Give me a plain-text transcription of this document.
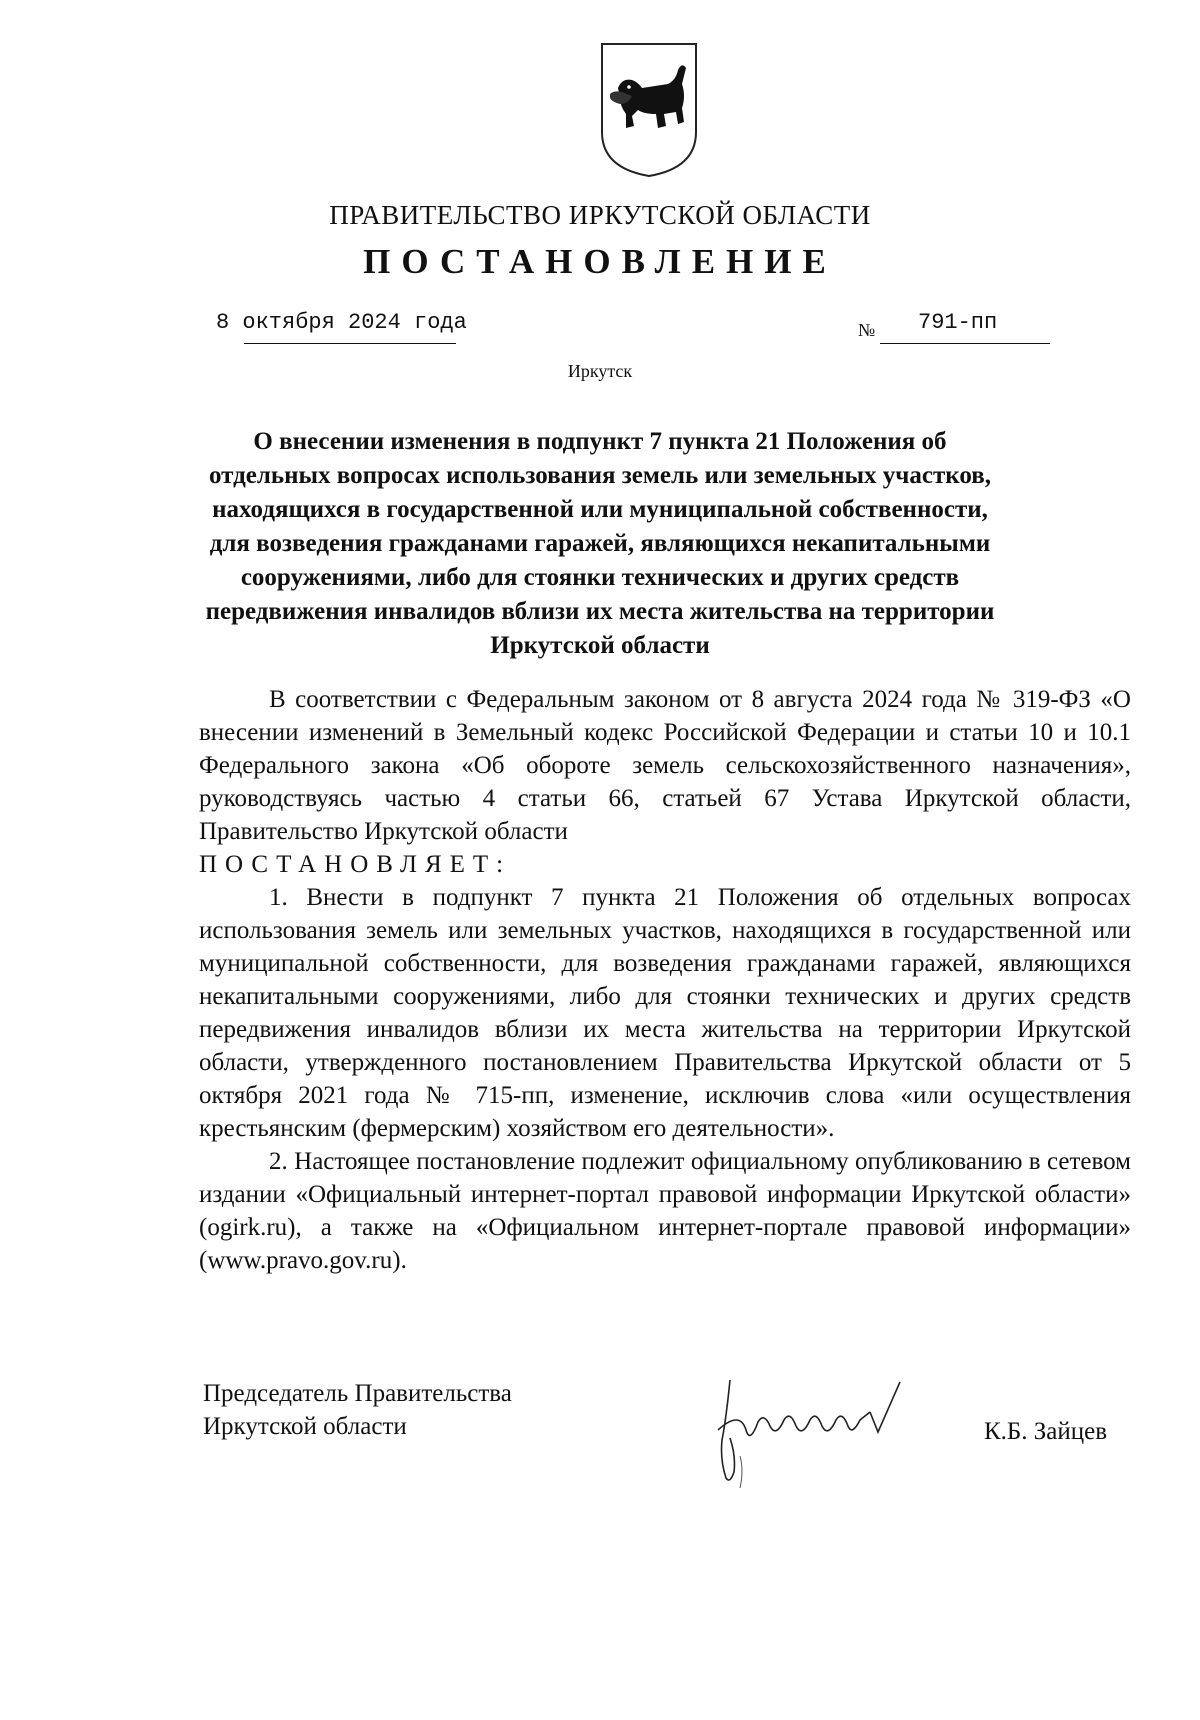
ПРАВИТЕЛЬСТВО ИРКУТСКОЙ ОБЛАСТИ
ПОСТАНОВЛЕНИЕ
8 октября 2024 года	№ 791-пп
Иркутск

О внесении изменения в подпункт 7 пункта 21 Положения об отдельных вопросах использования земель или земельных участков, находящихся в государственной или муниципальной собственности, для возведения гражданами гаражей, являющихся некапитальными сооружениями, либо для стоянки технических и других средств передвижения инвалидов вблизи их места жительства на территории Иркутской области

В соответствии с Федеральным законом от 8 августа 2024 года № 319-ФЗ «О внесении изменений в Земельный кодекс Российской Федерации и статьи 10 и 10.1 Федерального закона «Об обороте земель сельскохозяйственного назначения», руководствуясь частью 4 статьи 66, статьей 67 Устава Иркутской области, Правительство Иркутской области

ПОСТАНОВЛЯЕТ:

1. Внести в подпункт 7 пункта 21 Положения об отдельных вопросах использования земель или земельных участков, находящихся в государственной или муниципальной собственности, для возведения гражданами гаражей, являющихся некапитальными сооружениями, либо для стоянки технических и других средств передвижения инвалидов вблизи их места жительства на территории Иркутской области, утвержденного постановлением Правительства Иркутской области от 5 октября 2021 года № 715-пп, изменение, исключив слова «или осуществления крестьянским (фермерским) хозяйством его деятельности».

2. Настоящее постановление подлежит официальному опубликованию в сетевом издании «Официальный интернет-портал правовой информации Иркутской области» (ogirk.ru), а также на «Официальном интернет-портале правовой информации» (www.pravo.gov.ru).

Председатель Правительства
Иркутской области	К.Б. Зайцев
